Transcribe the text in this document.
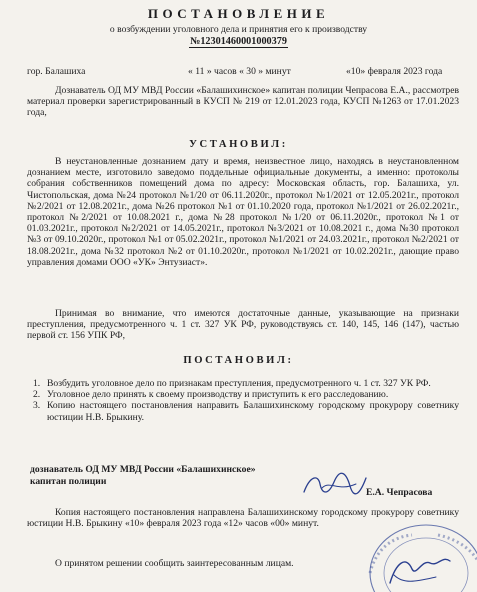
ПОСТАНОВЛЕНИЕ
о возбуждении уголовного дела и принятия его к производству
№12301460001000379
гор. Балашиха	« 11 » часов « 30 » минут	«10» февраля 2023 года
Дознаватель ОД МУ МВД России «Балашихинское» капитан полиции Чепрасова Е.А., рассмотрев материал проверки зарегистрированный в КУСП № 219 от 12.01.2023 года, КУСП №1263 от 17.01.2023 года,
УСТАНОВИЛ:
В неустановленные дознанием дату и время, неизвестное лицо, находясь в неустановленном дознанием месте, изготовило заведомо поддельные официальные документы, а именно: протоколы собрания собственников помещений дома по адресу: Московская область, гор. Балашиха, ул. Чистопольская, дома №24 протокол №1/20 от 06.11.2020г., протокол №1/2021 от 12.05.2021г., протокол №2/2021 от 12.08.2021г., дома №26 протокол №1 от 01.10.2020 года, протокол №1/2021 от 26.02.2021г., протокол №2/2021 от 10.08.2021 г., дома №28 протокол №1/20 от 06.11.2020г., протокол №1 от 01.03.2021г., протокол №2/2021 от 14.05.2021г., протокол №3/2021 от 10.08.2021 г., дома №30 протокол №3 от 09.10.2020г., протокол №1 от 05.02.2021г., протокол №1/2021 от 24.03.2021г., протокол №2/2021 от 18.08.2021г., дома №32 протокол №2 от 01.10.2020г., протокол №1/2021 от 10.02.2021г., дающие право управления домами ООО «УК» Энтузиаст».
Принимая во внимание, что имеются достаточные данные, указывающие на признаки преступления, предусмотренного ч. 1 ст. 327 УК РФ, руководствуясь ст. 140, 145, 146 (147), частью первой ст. 156 УПК РФ,
ПОСТАНОВИЛ:
1. Возбудить уголовное дело по признакам преступления, предусмотренного ч. 1 ст. 327 УК РФ.
2. Уголовное дело принять к своему производству и приступить к его расследованию.
3. Копию настоящего постановления направить Балашихинскому городскому прокурору советнику юстиции Н.В. Брыкину.
дознаватель ОД МУ МВД России «Балашихинское»
капитан полиции
Е.А. Чепрасова
Копия настоящего постановления направлена Балашихинскому городскому прокурору советнику юстиции Н.В. Брыкину «10» февраля 2023 года «12» часов «00» минут.
О принятом решении сообщить заинтересованным лицам.
